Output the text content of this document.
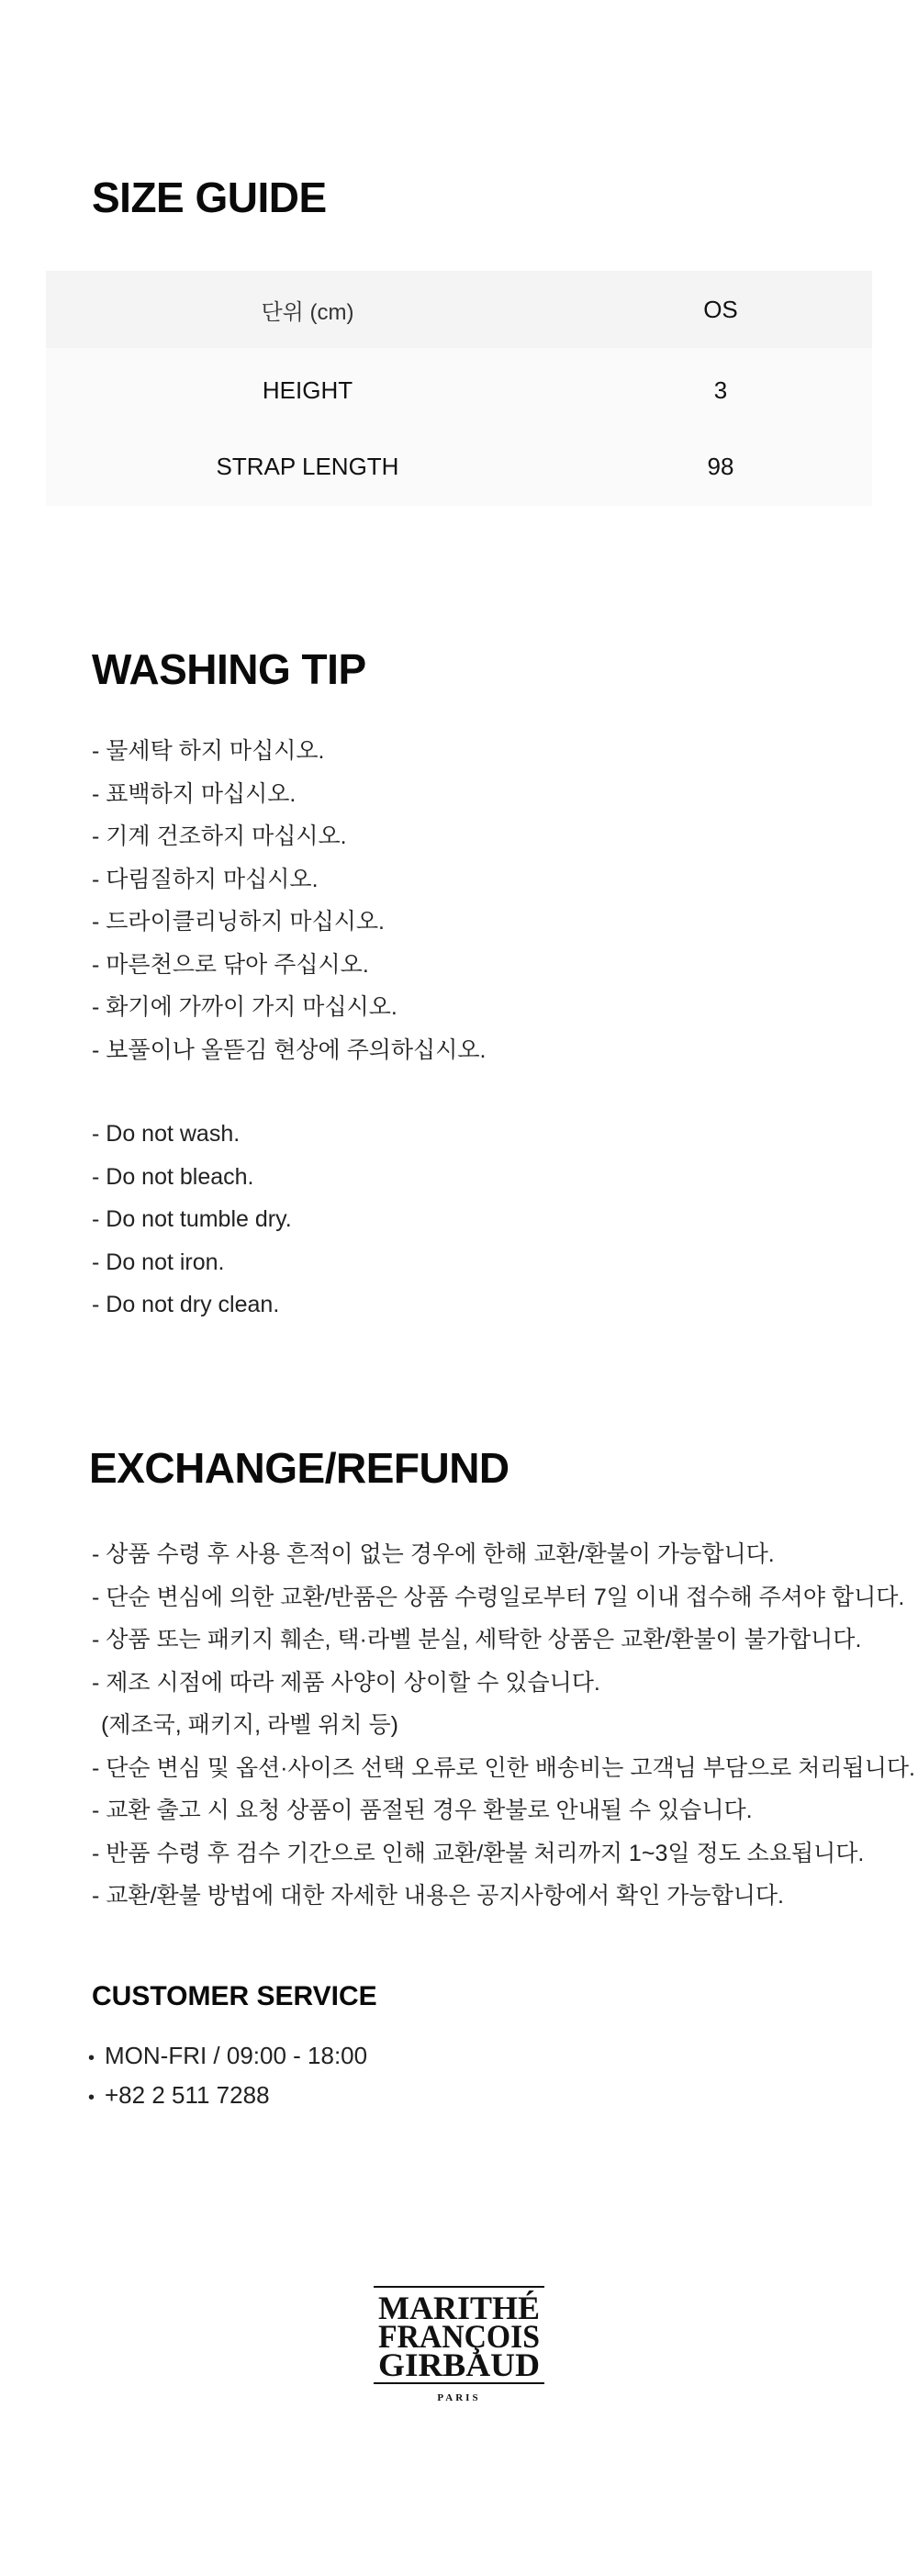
SIZE GUIDE
단위 (cm)	OS
HEIGHT	3
STRAP LENGTH	98
WASHING TIP
- 물세탁 하지 마십시오.
- 표백하지 마십시오.
- 기계 건조하지 마십시오.
- 다림질하지 마십시오.
- 드라이클리닝하지 마십시오.
- 마른천으로 닦아 주십시오.
- 화기에 가까이 가지 마십시오.
- 보풀이나 올뜯김 현상에 주의하십시오.
- Do not wash.
- Do not bleach.
- Do not tumble dry.
- Do not iron.
- Do not dry clean.
EXCHANGE/REFUND
- 상품 수령 후 사용 흔적이 없는 경우에 한해 교환/환불이 가능합니다.
- 단순 변심에 의한 교환/반품은 상품 수령일로부터 7일 이내 접수해 주셔야 합니다.
- 상품 또는 패키지 훼손, 택·라벨 분실, 세탁한 상품은 교환/환불이 불가합니다.
- 제조 시점에 따라 제품 사양이 상이할 수 있습니다.
(제조국, 패키지, 라벨 위치 등)
- 단순 변심 및 옵션·사이즈 선택 오류로 인한 배송비는 고객님 부담으로 처리됩니다.
- 교환 출고 시 요청 상품이 품절된 경우 환불로 안내될 수 있습니다.
- 반품 수령 후 검수 기간으로 인해 교환/환불 처리까지 1~3일 정도 소요됩니다.
- 교환/환불 방법에 대한 자세한 내용은 공지사항에서 확인 가능합니다.
CUSTOMER SERVICE
• MON-FRI / 09:00 - 18:00
• +82 2 511 7288
MARITHÉ
FRANÇOIS
GIRBAUD
PARIS
